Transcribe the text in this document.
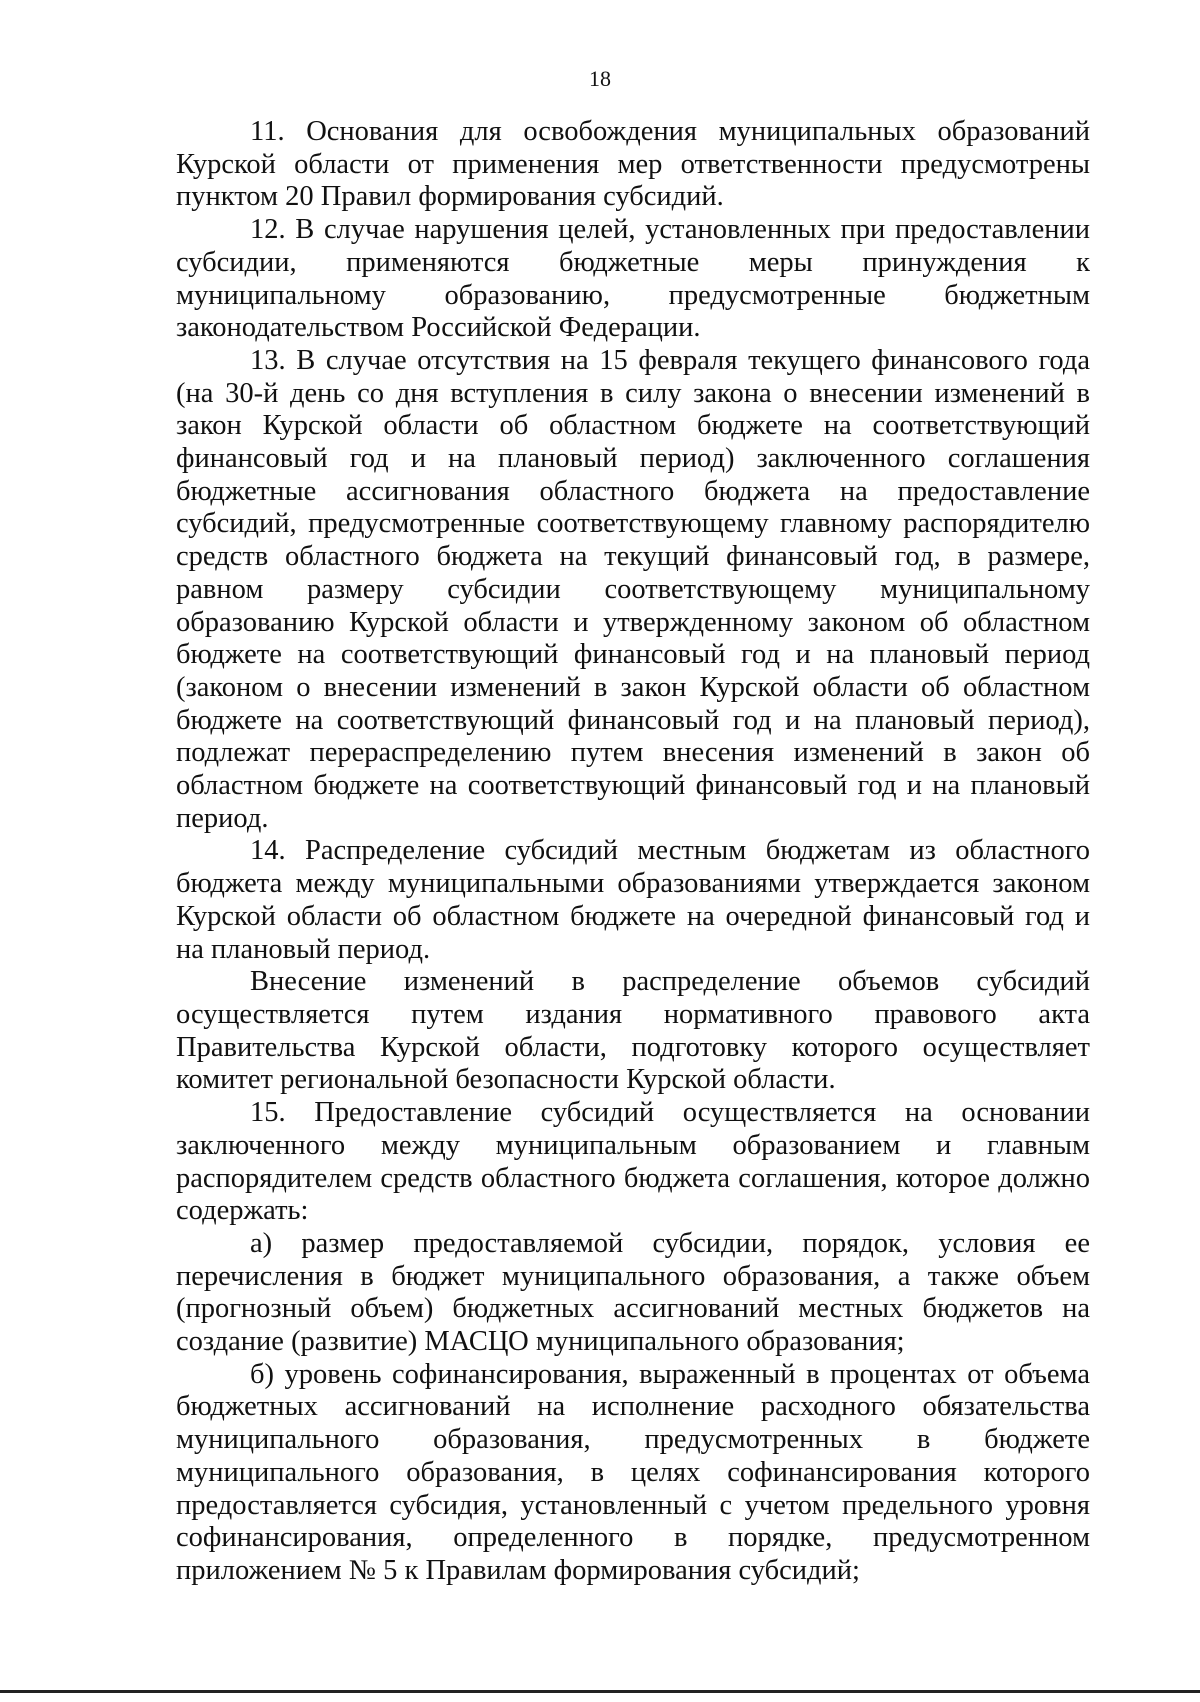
18

11. Основания для освобождения муниципальных образований Курской области от применения мер ответственности предусмотрены пунктом 20 Правил формирования субсидий.

12. В случае нарушения целей, установленных при предоставлении субсидии, применяются бюджетные меры принуждения к муниципальному образованию, предусмотренные бюджетным законодательством Российской Федерации.

13. В случае отсутствия на 15 февраля текущего финансового года (на 30-й день со дня вступления в силу закона о внесении изменений в закон Курской области об областном бюджете на соответствующий финансовый год и на плановый период) заключенного соглашения бюджетные ассигнования областного бюджета на предоставление субсидий, предусмотренные соответствующему главному распорядителю средств областного бюджета на текущий финансовый год, в размере, равном размеру субсидии соответствующему муниципальному образованию Курской области и утвержденному законом об областном бюджете на соответствующий финансовый год и на плановый период (законом о внесении изменений в закон Курской области об областном бюджете на соответствующий финансовый год и на плановый период), подлежат перераспределению путем внесения изменений в закон об областном бюджете на соответствующий финансовый год и на плановый период.

14. Распределение субсидий местным бюджетам из областного бюджета между муниципальными образованиями утверждается законом Курской области об областном бюджете на очередной финансовый год и на плановый период.

Внесение изменений в распределение объемов субсидий осуществляется путем издания нормативного правового акта Правительства Курской области, подготовку которого осуществляет комитет региональной безопасности Курской области.

15. Предоставление субсидий осуществляется на основании заключенного между муниципальным образованием и главным распорядителем средств областного бюджета соглашения, которое должно содержать:

а) размер предоставляемой субсидии, порядок, условия ее перечисления в бюджет муниципального образования, а также объем (прогнозный объем) бюджетных ассигнований местных бюджетов на создание (развитие) МАСЦО муниципального образования;

б) уровень софинансирования, выраженный в процентах от объема бюджетных ассигнований на исполнение расходного обязательства муниципального образования, предусмотренных в бюджете муниципального образования, в целях софинансирования которого предоставляется субсидия, установленный с учетом предельного уровня софинансирования, определенного в порядке, предусмотренном приложением № 5 к Правилам формирования субсидий;
